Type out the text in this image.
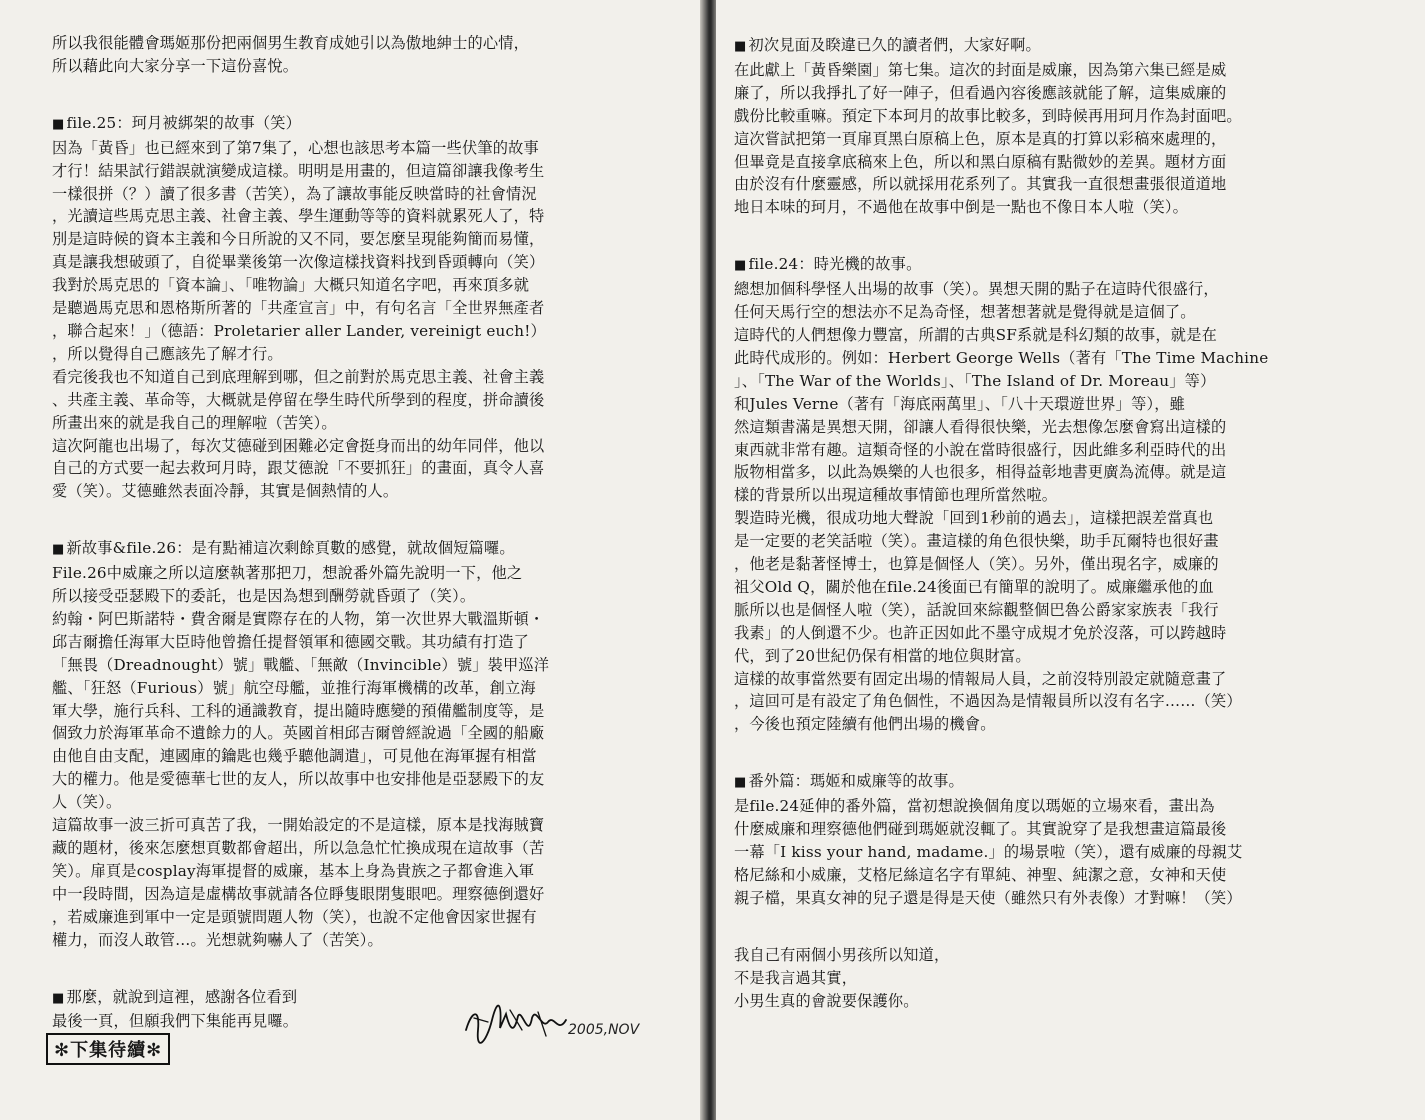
所以我很能體會瑪姬那份把兩個男生教育成她引以為傲地紳士的心情，
所以藉此向大家分享一下這份喜悅。

■ file.25：珂月被綁架的故事（笑）

因為「黃昏」也已經來到了第7集了，心想也該思考本篇一些伏筆的故事
才行！結果試行錯誤就演變成這樣。明明是用畫的，但這篇卻讓我像考生
一樣很拼（？）讀了很多書（苦笑），為了讓故事能反映當時的社會情況
，光讀這些馬克思主義、社會主義、學生運動等等的資料就累死人了，特
別是這時候的資本主義和今日所說的又不同，要怎麼呈現能夠簡而易懂，
真是讓我想破頭了，自從畢業後第一次像這樣找資料找到昏頭轉向（笑）
我對於馬克思的「資本論」、「唯物論」大概只知道名字吧，再來頂多就
是聽過馬克思和恩格斯所著的「共產宣言」中，有句名言「全世界無產者
，聯合起來！」（德語：Proletarier aller Lander, vereinigt euch!）
，所以覺得自己應該先了解才行。
看完後我也不知道自己到底理解到哪，但之前對於馬克思主義、社會主義
、共產主義、革命等，大概就是停留在學生時代所學到的程度，拼命讀後
所畫出來的就是我自己的理解啦（苦笑）。
這次阿龍也出場了，每次艾德碰到困難必定會挺身而出的幼年同伴，他以
自己的方式要一起去救珂月時，跟艾德說「不要抓狂」的畫面，真令人喜
愛（笑）。艾德雖然表面冷靜，其實是個熱情的人。

■ 新故事&file.26：是有點補這次剩餘頁數的感覺，就故個短篇囉。

File.26中威廉之所以這麼執著那把刀，想說番外篇先說明一下，他之
所以接受亞瑟殿下的委託，也是因為想到酬勞就昏頭了（笑）。
約翰・阿巴斯諾特・費舍爾是實際存在的人物，第一次世界大戰溫斯頓・
邱吉爾擔任海軍大臣時他曾擔任提督領軍和德國交戰。其功績有打造了
「無畏（Dreadnought）號」戰艦、「無敵（Invincible）號」裝甲巡洋
艦、「狂怒（Furious）號」航空母艦，並推行海軍機構的改革，創立海
軍大學，施行兵科、工科的通識教育，提出隨時應變的預備艦制度等，是
個致力於海軍革命不遺餘力的人。英國首相邱吉爾曾經說過「全國的船廠
由他自由支配，連國庫的鑰匙也幾乎聽他調遣」，可見他在海軍握有相當
大的權力。他是愛德華七世的友人，所以故事中也安排他是亞瑟殿下的友
人（笑）。
這篇故事一波三折可真苦了我，一開始設定的不是這樣，原本是找海賊寶
藏的題材，後來怎麼想頁數都會超出，所以急急忙忙換成現在這故事（苦
笑）。扉頁是cosplay海軍提督的威廉，基本上身為貴族之子都會進入軍
中一段時間，因為這是虛構故事就請各位睜隻眼閉隻眼吧。理察德倒還好
，若威廉進到軍中一定是頭號問題人物（笑），也說不定他會因家世握有
權力，而沒人敢管…。光想就夠嚇人了（苦笑）。

■ 那麼，就說到這裡，感謝各位看到

最後一頁，但願我們下集能再見囉。	2005,NOV
✻下集待續✻

■ 初次見面及睽違已久的讀者們，大家好啊。

在此獻上「黃昏樂園」第七集。這次的封面是威廉，因為第六集已經是威
廉了，所以我掙扎了好一陣子，但看過內容後應該就能了解，這集威廉的
戲份比較重嘛。預定下本珂月的故事比較多，到時候再用珂月作為封面吧。
這次嘗試把第一頁扉頁黑白原稿上色，原本是真的打算以彩稿來處理的，
但畢竟是直接拿底稿來上色，所以和黑白原稿有點微妙的差異。題材方面
由於沒有什麼靈感，所以就採用花系列了。其實我一直很想畫張很道道地
地日本味的珂月，不過他在故事中倒是一點也不像日本人啦（笑）。

■ file.24：時光機的故事。

總想加個科學怪人出場的故事（笑）。異想天開的點子在這時代很盛行，
任何天馬行空的想法亦不足為奇怪，想著想著就是覺得就是這個了。
這時代的人們想像力豐富，所謂的古典SF系就是科幻類的故事，就是在
此時代成形的。例如：Herbert George Wells（著有「The Time Machine
」、「The War of the Worlds」、「The Island of Dr. Moreau」等）
和Jules Verne（著有「海底兩萬里」、「八十天環遊世界」等），雖
然這類書滿是異想天開，卻讓人看得很快樂，光去想像怎麼會寫出這樣的
東西就非常有趣。這類奇怪的小說在當時很盛行，因此維多利亞時代的出
版物相當多，以此為娛樂的人也很多，相得益彰地書更廣為流傳。就是這
樣的背景所以出現這種故事情節也理所當然啦。
製造時光機，很成功地大聲說「回到1秒前的過去」，這樣把誤差當真也
是一定要的老笑話啦（笑）。畫這樣的角色很快樂，助手瓦爾特也很好畫
，他老是黏著怪博士，也算是個怪人（笑）。另外，僅出現名字，威廉的
祖父Old Q，關於他在file.24後面已有簡單的說明了。威廉繼承他的血
脈所以也是個怪人啦（笑），話說回來綜觀整個巴魯公爵家家族表「我行
我素」的人倒還不少。也許正因如此不墨守成規才免於沒落，可以跨越時
代，到了20世紀仍保有相當的地位與財富。
這樣的故事當然要有固定出場的情報局人員，之前沒特別設定就隨意畫了
，這回可是有設定了角色個性，不過因為是情報員所以沒有名字……（笑）
，今後也預定陸續有他們出場的機會。

■ 番外篇：瑪姬和威廉等的故事。

是file.24延伸的番外篇，當初想說換個角度以瑪姬的立場來看，畫出為
什麼威廉和理察德他們碰到瑪姬就沒輒了。其實說穿了是我想畫這篇最後
一幕「I kiss your hand, madame.」的場景啦（笑），還有威廉的母親艾
格尼絲和小威廉，艾格尼絲這名字有單純、神聖、純潔之意，女神和天使
親子檔，果真女神的兒子還是得是天使（雖然只有外表像）才對嘛！（笑）

我自己有兩個小男孩所以知道，
不是我言過其實，
小男生真的會說要保護你。
